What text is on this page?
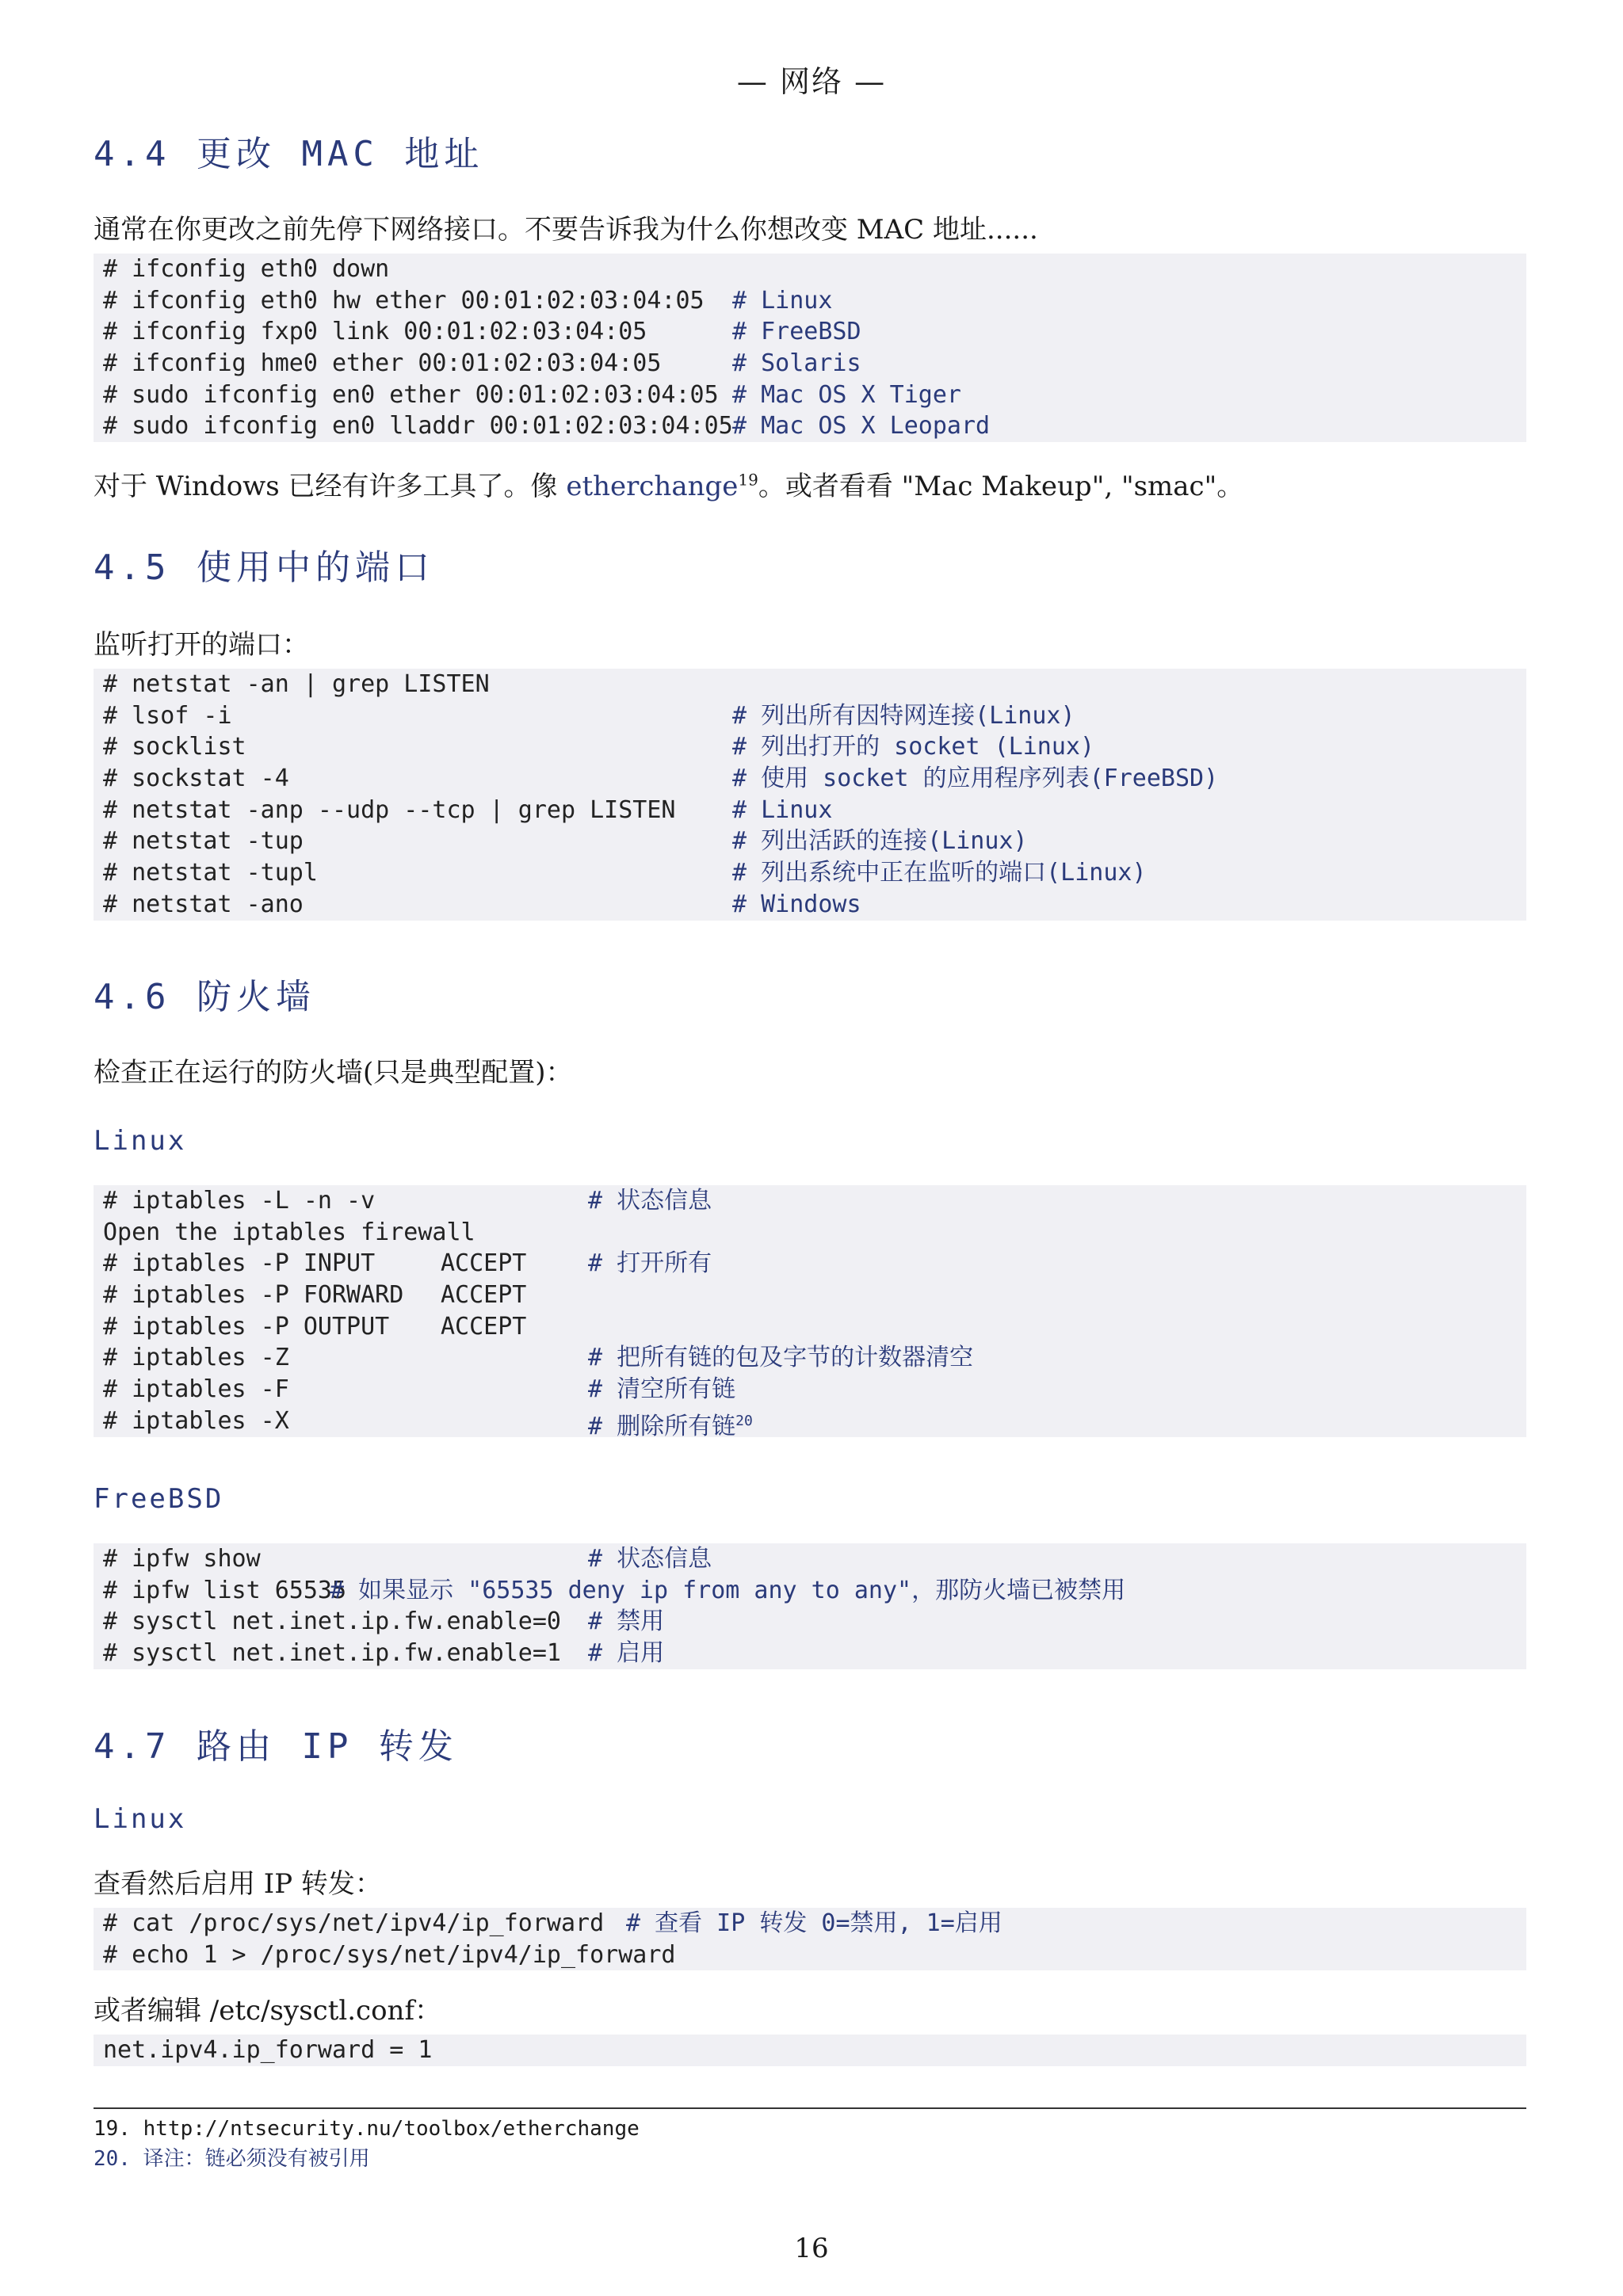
— 网络 —
4.4 更改 MAC 地址
通常在你更改之前先停下网络接口。不要告诉我为什么你想改变 MAC 地址......
# ifconfig eth0 down
# ifconfig eth0 hw ether 00:01:02:03:04:05 # Linux
# ifconfig fxp0 link 00:01:02:03:04:05	# FreeBSD
# ifconfig hme0 ether 00:01:02:03:04:05	# Solaris
# sudo ifconfig en0 ether 00:01:02:03:04:05 # Mac OS X Tiger
# sudo ifconfig en0 lladdr 00:01:02:03:04:05 # Mac OS X Leopard
对于 Windows 已经有许多工具了。像 etherchange$^{19}$。或者看看 "Mac Makeup", "smac"。
4.5 使用中的端口
监听打开的端口：
# netstat -an | grep LISTEN
# lsof -i	# 列出所有因特网连接(Linux)
# socklist	# 列出打开的 socket (Linux)
# sockstat -4	# 使用 socket 的应用程序列表(FreeBSD)
# netstat -anp --udp --tcp | grep LISTEN # Linux
# netstat -tup	# 列出活跃的连接(Linux)
# netstat -tupl	# 列出系统中正在监听的端口(Linux)
# netstat -ano	# Windows
4.6 防火墙
检查正在运行的防火墙(只是典型配置)：
Linux
# iptables -L -n -v	# 状态信息
Open the iptables firewall
# iptables -P INPUT	ACCEPT	# 打开所有
# iptables -P FORWARD ACCEPT
# iptables -P OUTPUT ACCEPT
# iptables -Z	# 把所有链的包及字节的计数器清空
# iptables -F	# 清空所有链
# iptables -X	# 删除所有链$^{20}$
FreeBSD
# ipfw show	# 状态信息
# ipfw list 65535
# 如果显示 "65535 deny ip from any to any"，那防火墙已被禁用
# sysctl net.inet.ip.fw.enable=0 # 禁用
# sysctl net.inet.ip.fw.enable=1 # 启用
4.7 路由 IP 转发
Linux
查看然后启用 IP 转发：
# cat /proc/sys/net/ipv4/ip_forward # 查看 IP 转发 0=禁用, 1=启用
# echo 1 > /proc/sys/net/ipv4/ip_forward
或者编辑 /etc/sysctl.conf：
net.ipv4.ip_forward = 1
19. http://ntsecurity.nu/toolbox/etherchange
20. 译注：链必须没有被引用
16
